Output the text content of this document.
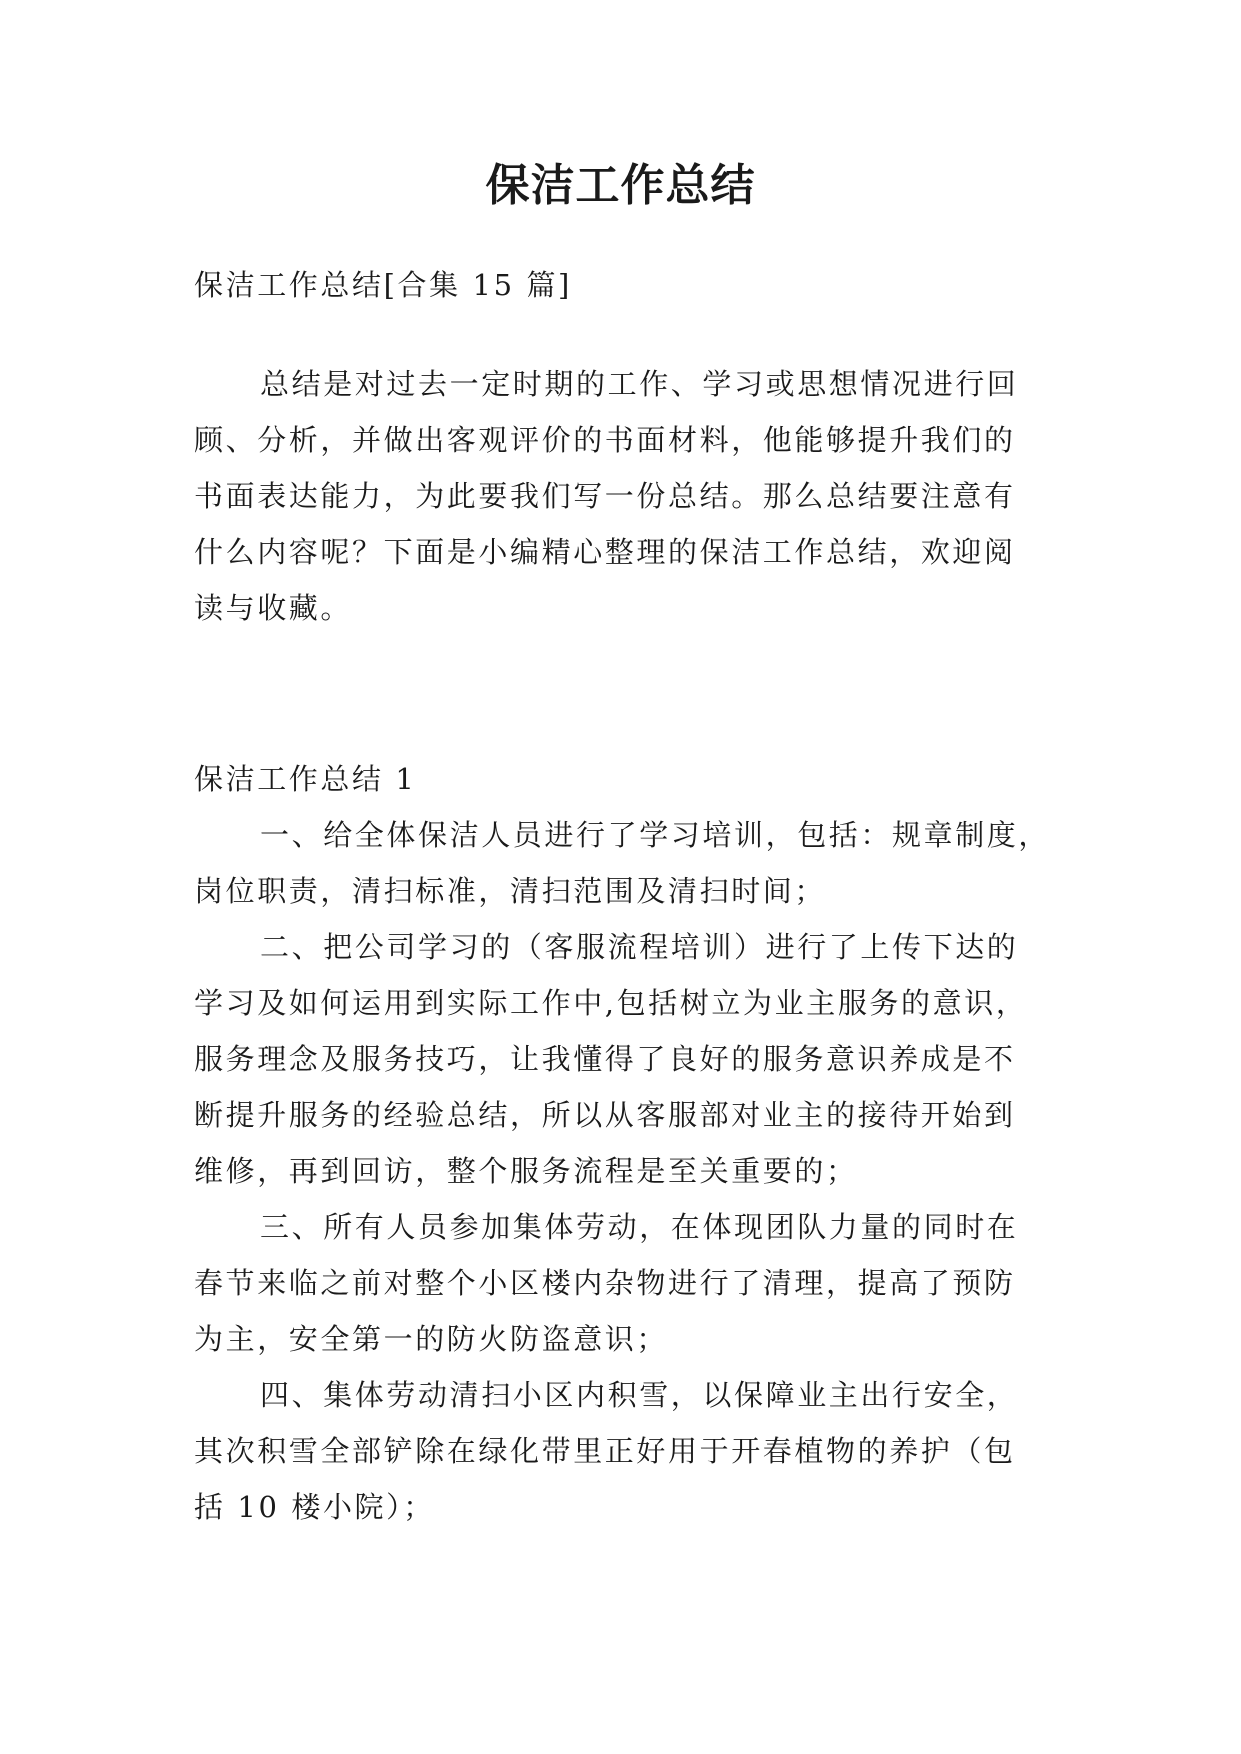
保洁工作总结
保洁工作总结[合集 15 篇]
总结是对过去一定时期的工作、学习或思想情况进行回
顾、分析，并做出客观评价的书面材料，他能够提升我们的
书面表达能力，为此要我们写一份总结。那么总结要注意有
什么内容呢？下面是小编精心整理的保洁工作总结，欢迎阅
读与收藏。
保洁工作总结 1
一、给全体保洁人员进行了学习培训，包括：规章制度，
岗位职责，清扫标准，清扫范围及清扫时间；
二、把公司学习的（客服流程培训）进行了上传下达的
学习及如何运用到实际工作中,包括树立为业主服务的意识，
服务理念及服务技巧，让我懂得了良好的服务意识养成是不
断提升服务的经验总结，所以从客服部对业主的接待开始到
维修，再到回访，整个服务流程是至关重要的；
三、所有人员参加集体劳动，在体现团队力量的同时在
春节来临之前对整个小区楼内杂物进行了清理，提高了预防
为主，安全第一的防火防盗意识；
四、集体劳动清扫小区内积雪，以保障业主出行安全，
其次积雪全部铲除在绿化带里正好用于开春植物的养护（包
括 10 楼小院）；
